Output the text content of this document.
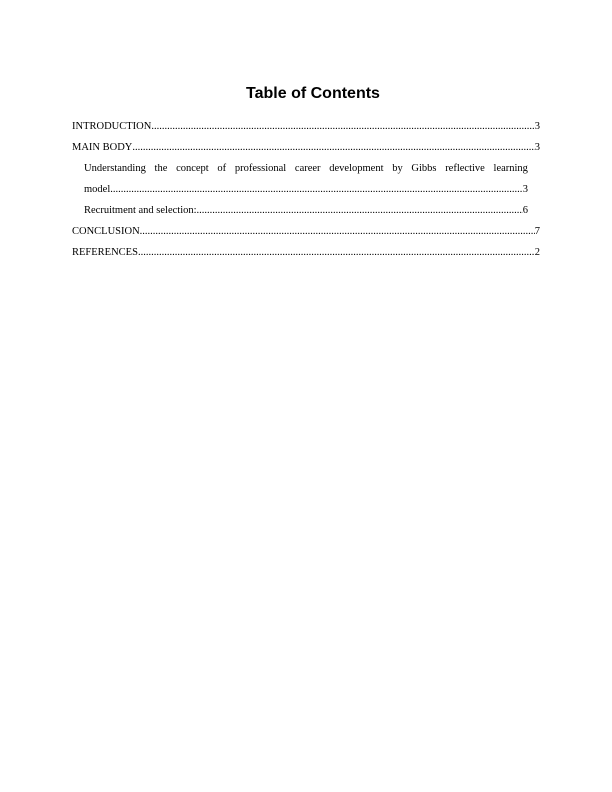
Table of Contents
INTRODUCTION .....	3
MAIN BODY .....	3
Understanding the concept of professional career development by Gibbs reflective learning
model .....	3
Recruitment and selection: .....	6
CONCLUSION .....	7
REFERENCES .....	2
